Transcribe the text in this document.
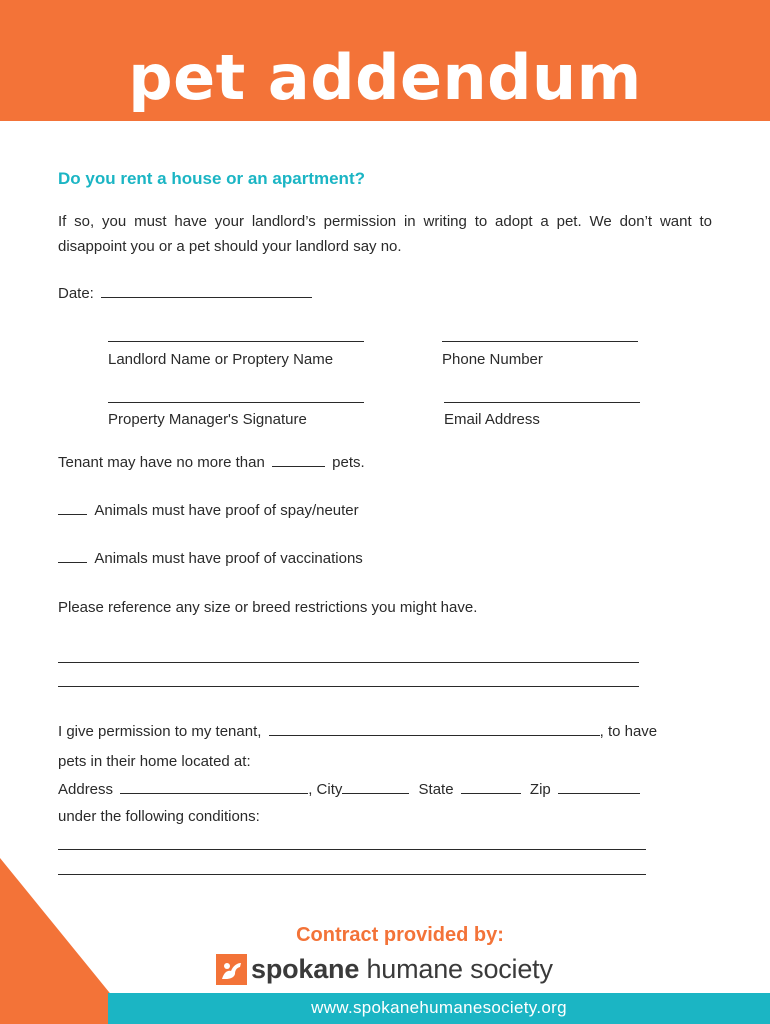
pet addendum
Do you rent a house or an apartment?
If so, you must have your landlord’s permission in writing to adopt a pet. We don’t want to disappoint you or a pet should your landlord say no.
Date:
Landlord Name or Proptery Name	Phone Number
Property Manager's Signature	Email Address
Tenant may have no more than	pets.
Animals must have proof of spay/neuter
Animals must have proof of vaccinations
Please reference any size or breed restrictions you might have.
I give permission to my tenant,	, to have
pets in their home located at:
Address	, City	State	Zip
under the following conditions:
Contract provided by:
spokane humane society
www.spokanehumanesociety.org
